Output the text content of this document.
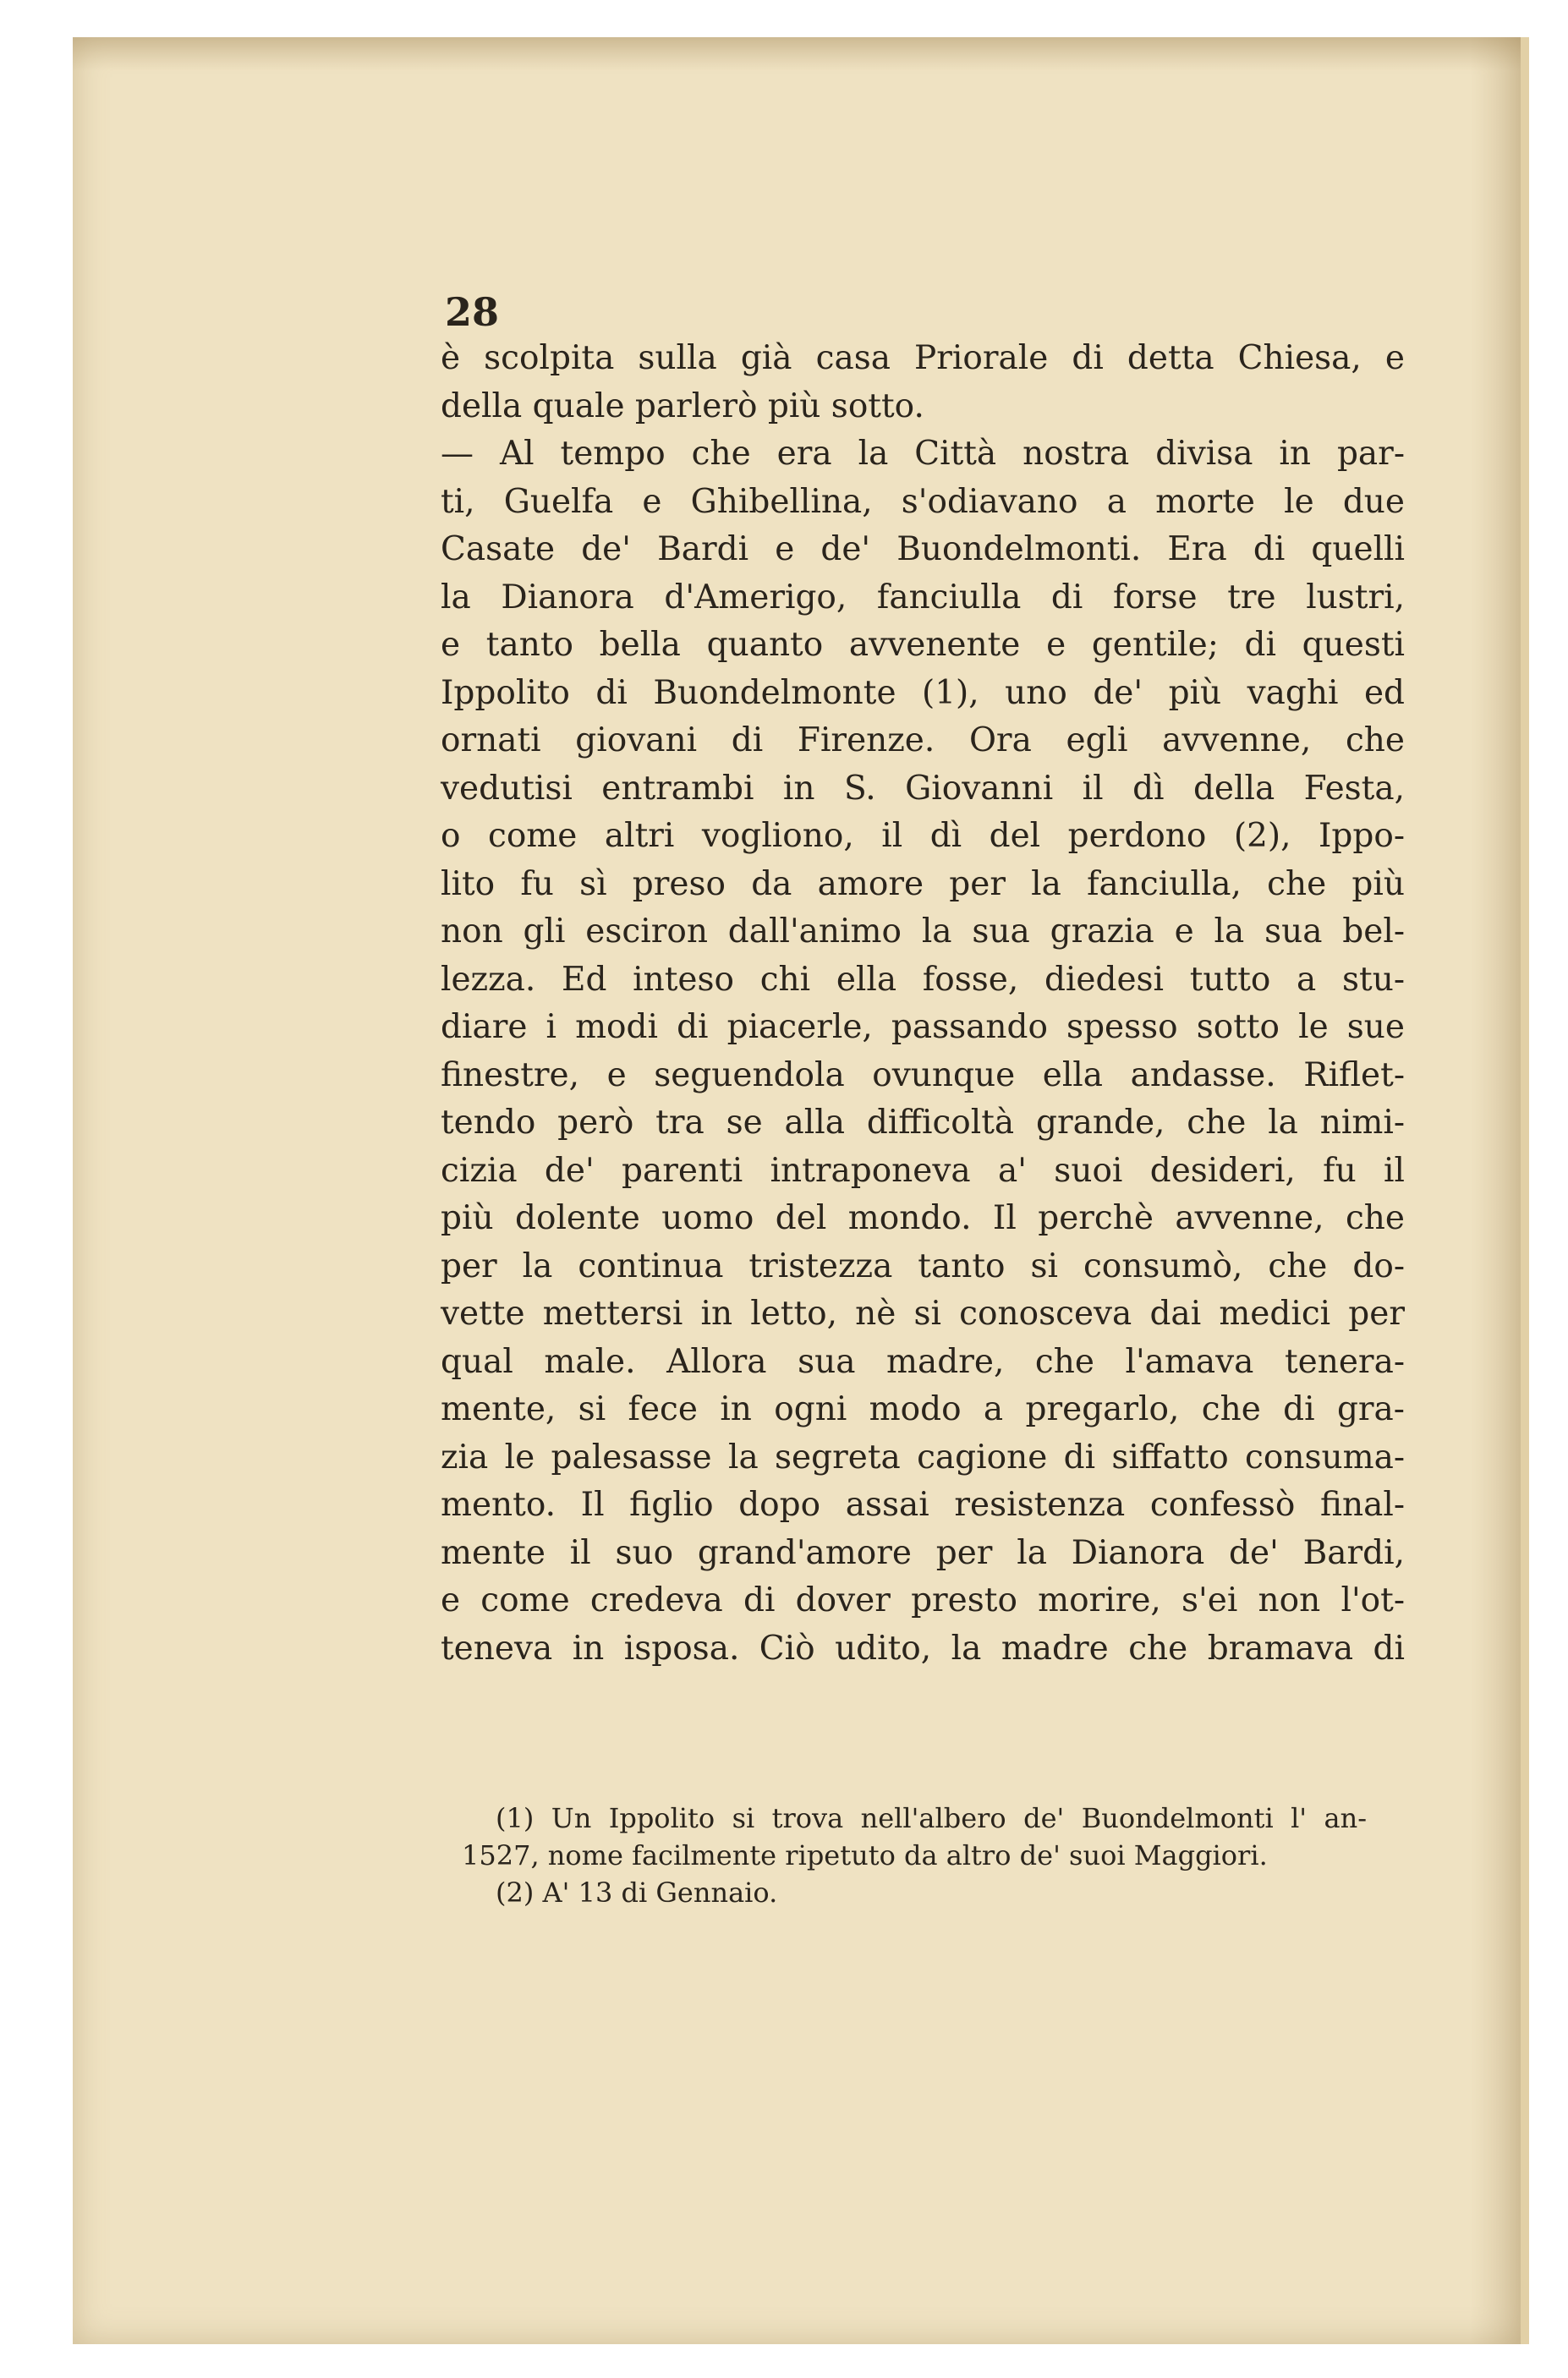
28
è scolpita sulla già casa Priorale di detta Chiesa, e
della quale parlerò più sotto.
— Al tempo che era la Città nostra divisa in par-
ti, Guelfa e Ghibellina, s'odiavano a morte le due
Casate de' Bardi e de' Buondelmonti. Era di quelli
la Dianora d'Amerigo, fanciulla di forse tre lustri,
e tanto bella quanto avvenente e gentile; di questi
Ippolito di Buondelmonte (1), uno de' più vaghi ed
ornati giovani di Firenze. Ora egli avvenne, che
vedutisi entrambi in S. Giovanni il dì della Festa,
o come altri vogliono, il dì del perdono (2), Ippo-
lito fu sì preso da amore per la fanciulla, che più
non gli esciron dall'animo la sua grazia e la sua bel-
lezza. Ed inteso chi ella fosse, diedesi tutto a stu-
diare i modi di piacerle, passando spesso sotto le sue
finestre, e seguendola ovunque ella andasse. Riflet-
tendo però tra se alla difficoltà grande, che la nimi-
cizia de' parenti intraponeva a' suoi desideri, fu il
più dolente uomo del mondo. Il perchè avvenne, che
per la continua tristezza tanto si consumò, che do-
vette mettersi in letto, nè si conosceva dai medici per
qual male. Allora sua madre, che l'amava tenera-
mente, si fece in ogni modo a pregarlo, che di gra-
zia le palesasse la segreta cagione di siffatto consuma-
mento. Il figlio dopo assai resistenza confessò final-
mente il suo grand'amore per la Dianora de' Bardi,
e come credeva di dover presto morire, s'ei non l'ot-
teneva in isposa. Ciò udito, la madre che bramava di
(1) Un Ippolito si trova nell'albero de' Buondelmonti l' an-
1527, nome facilmente ripetuto da altro de' suoi Maggiori.
(2) A' 13 di Gennaio.
